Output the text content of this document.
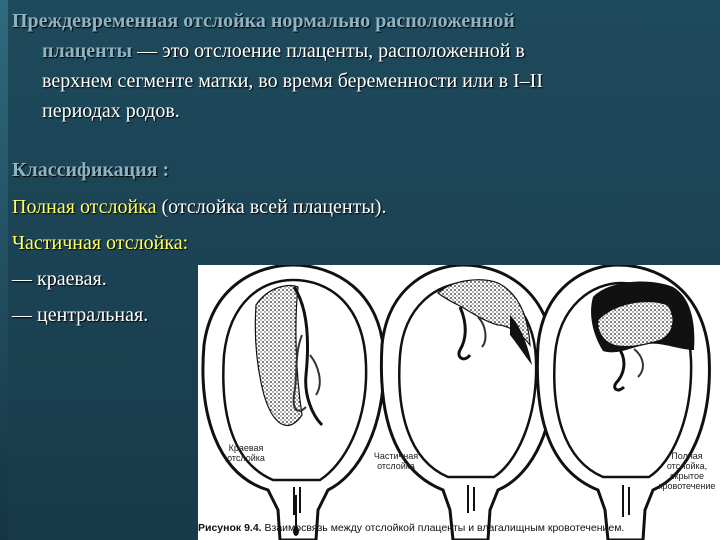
Преждевременная отслойка нормально расположенной
плаценты — это отслоение плаценты, расположенной в
верхнем сегменте матки, во время беременности или в I–II
периодах родов.
Классификация :
Полная отслойка (отслойка всей плаценты).
Частичная отслойка:
— краевая.
— центральная.
Краевая отслойка	Частичная отслойка
Полная отслойка, скрытое кровотечение
Рисунок 9.4. Взаимосвязь между отслойкой плаценты и влагалищным кровотечением.
